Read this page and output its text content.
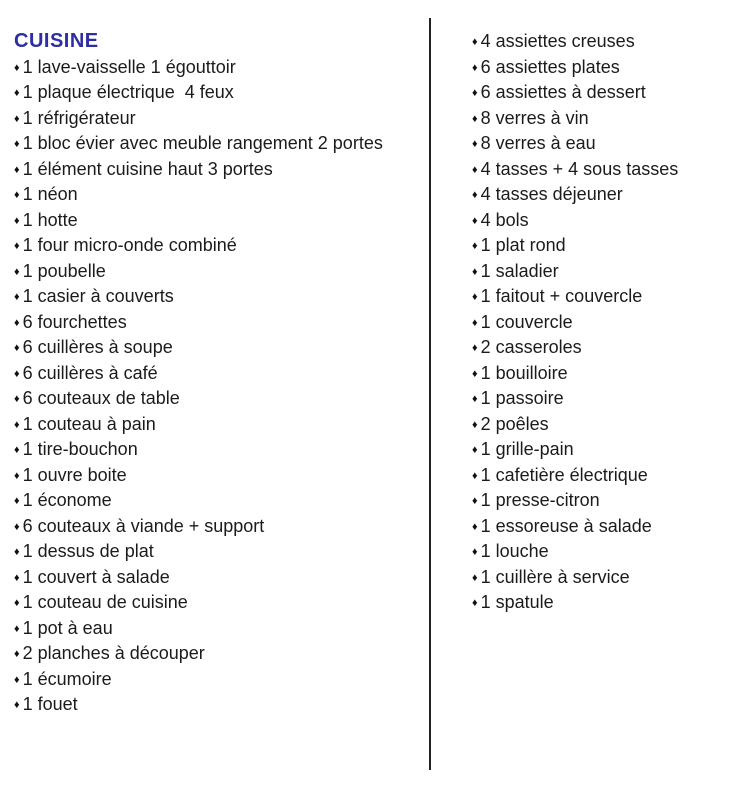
CUISINE
♦ 1 lave-vaisselle 1 égouttoir
♦ 1 plaque électrique  4 feux
♦ 1 réfrigérateur
♦ 1 bloc évier avec meuble rangement 2 portes
♦ 1 élément cuisine haut 3 portes
♦ 1 néon
♦ 1 hotte
♦ 1 four micro-onde combiné
♦ 1 poubelle
♦ 1 casier à couverts
♦ 6 fourchettes
♦ 6 cuillères à soupe
♦ 6 cuillères à café
♦ 6 couteaux de table
♦ 1 couteau à pain
♦ 1 tire-bouchon
♦ 1 ouvre boite
♦ 1 économe
♦ 6 couteaux à viande + support
♦ 1 dessus de plat
♦ 1 couvert à salade
♦ 1 couteau de cuisine
♦ 1 pot à eau
♦ 2 planches à découper
♦ 1 écumoire
♦ 1 fouet
♦ 4 assiettes creuses
♦ 6 assiettes plates
♦ 6 assiettes à dessert
♦ 8 verres à vin
♦ 8 verres à eau
♦ 4 tasses + 4 sous tasses
♦ 4 tasses déjeuner
♦ 4 bols
♦ 1 plat rond
♦ 1 saladier
♦ 1 faitout + couvercle
♦ 1 couvercle
♦ 2 casseroles
♦ 1 bouilloire
♦ 1 passoire
♦ 2 poêles
♦ 1 grille-pain
♦ 1 cafetière électrique
♦ 1 presse-citron
♦ 1 essoreuse à salade
♦ 1 louche
♦ 1 cuillère à service
♦ 1 spatule
